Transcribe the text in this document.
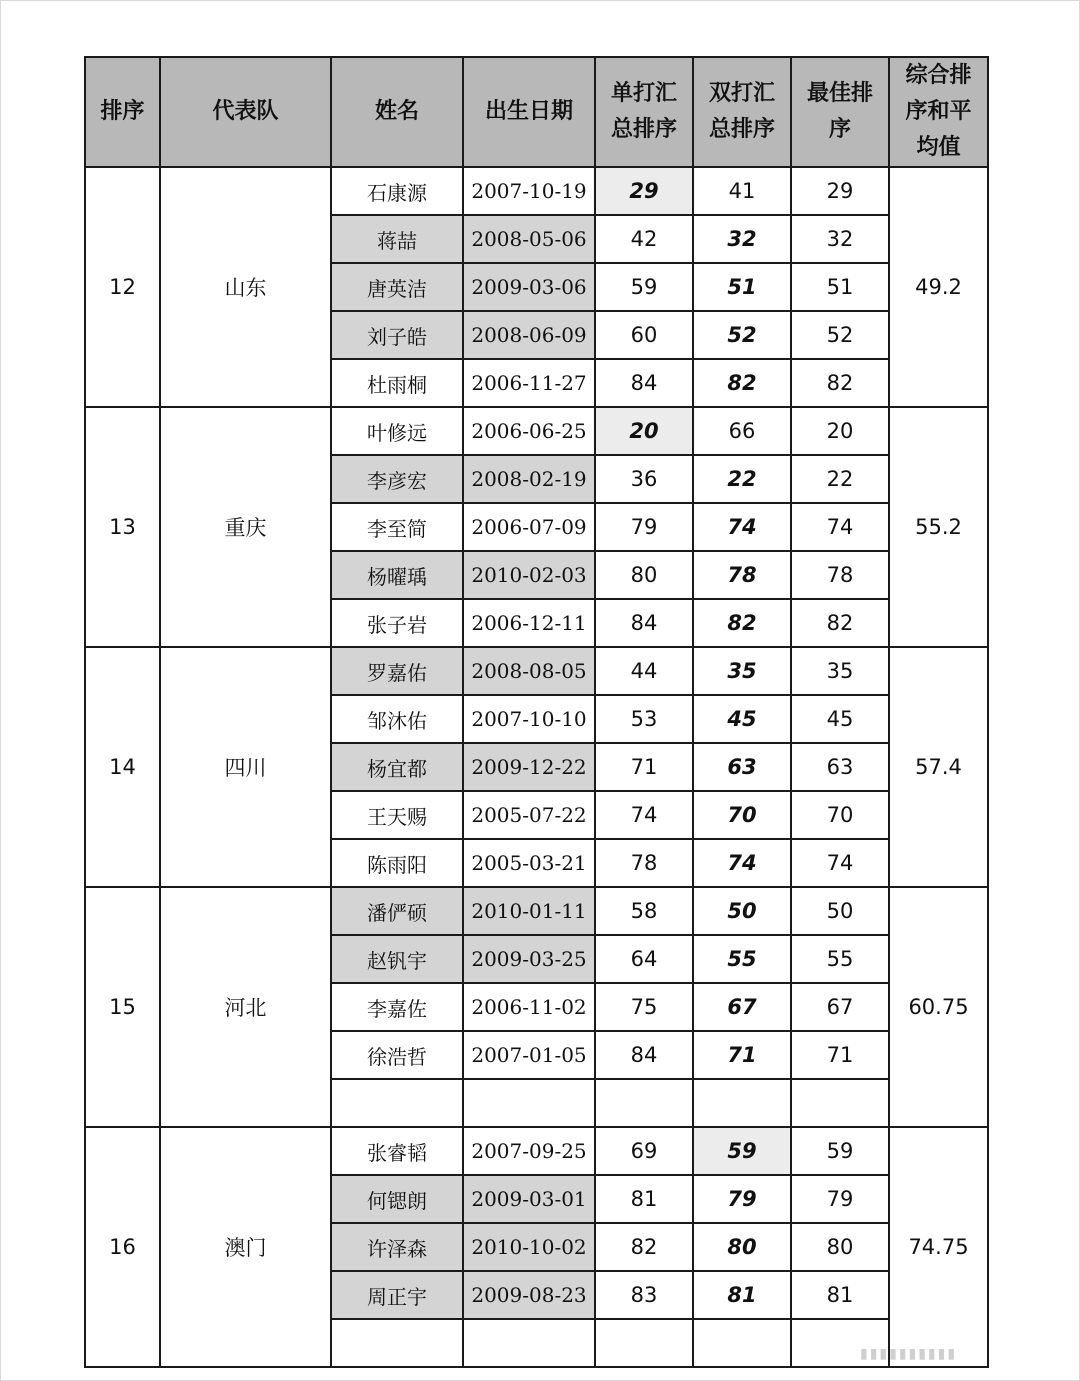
排序	代表队	姓名	出生日期	单打汇总排序	双打汇总排序	最佳排序	综合排序和平均值
12	山东	石康源	2007-10-19	29	41	29	49.2
		蒋喆	2008-05-06	42	32	32	
		唐英洁	2009-03-06	59	51	51	
		刘子皓	2008-06-09	60	52	52	
		杜雨桐	2006-11-27	84	82	82	
13	重庆	叶修远	2006-06-25	20	66	20	55.2
		李彦宏	2008-02-19	36	22	22	
		李至简	2006-07-09	79	74	74	
		杨曜瑀	2010-02-03	80	78	78	
		张子岩	2006-12-11	84	82	82	
14	四川	罗嘉佑	2008-08-05	44	35	35	57.4
		邹沐佑	2007-10-10	53	45	45	
		杨宜都	2009-12-22	71	63	63	
		王天赐	2005-07-22	74	70	70	
		陈雨阳	2005-03-21	78	74	74	
15	河北	潘俨硕	2010-01-11	58	50	50	60.75
		赵钒宇	2009-03-25	64	55	55	
		李嘉佐	2006-11-02	75	67	67	
		徐浩哲	2007-01-05	84	71	71	

16	澳门	张睿韬	2007-09-25	69	59	59	74.75
		何锶朗	2009-03-01	81	79	79	
		许泽森	2010-10-02	82	80	80	
		周正宇	2009-08-23	83	81	81	

▮▮▮▮▮▮▮▮▮▮
